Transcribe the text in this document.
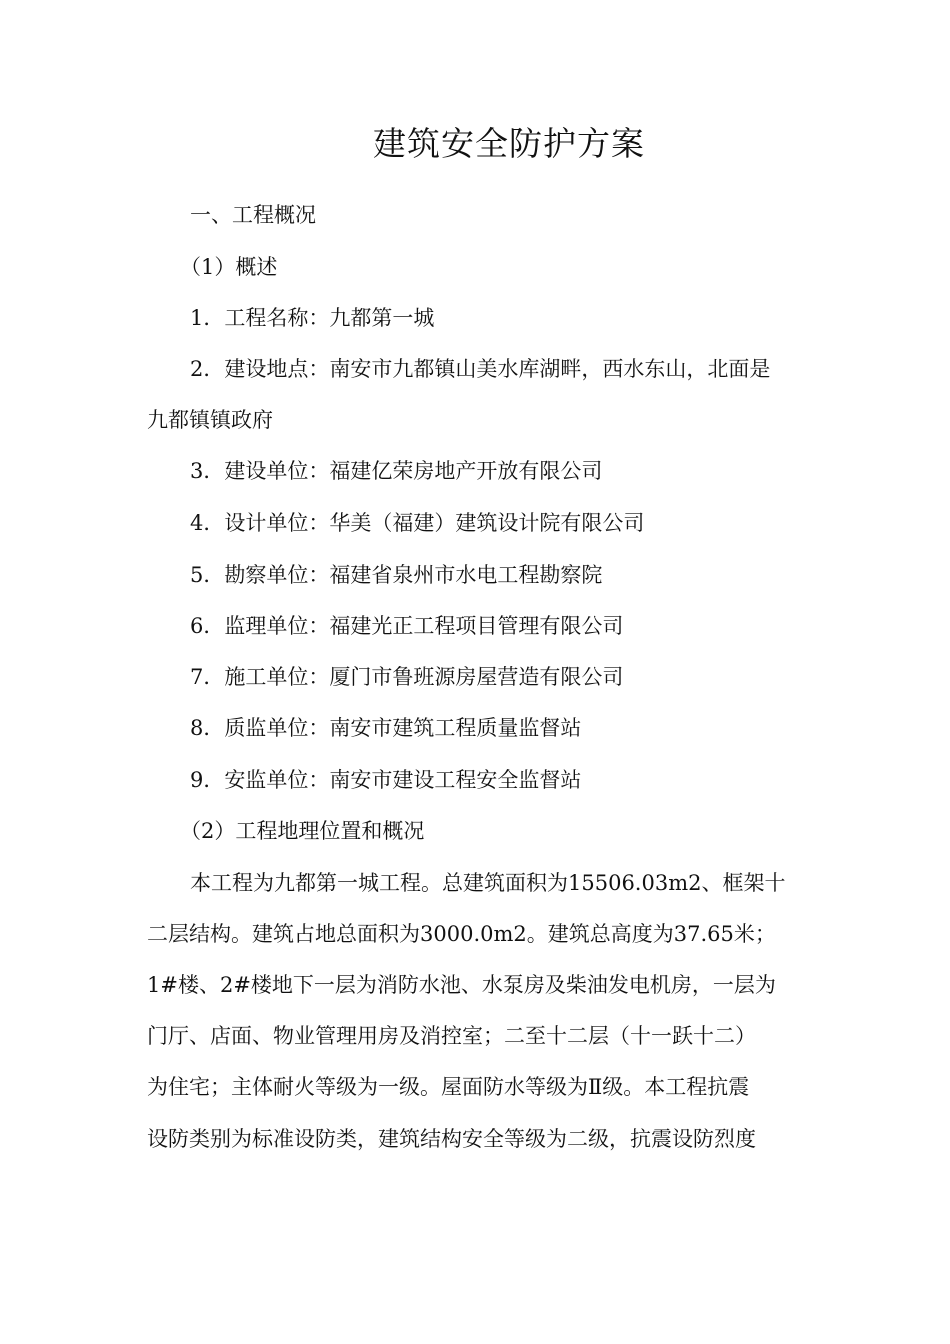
建筑安全防护方案
一、工程概况
（1）概述
1．工程名称：九都第一城
2．建设地点：南安市九都镇山美水库湖畔，西水东山，北面是
九都镇镇政府
3．建设单位：福建亿荣房地产开放有限公司
4．设计单位：华美（福建）建筑设计院有限公司
5．勘察单位：福建省泉州市水电工程勘察院
6．监理单位：福建光正工程项目管理有限公司
7．施工单位：厦门市鲁班源房屋营造有限公司
8．质监单位：南安市建筑工程质量监督站
9．安监单位：南安市建设工程安全监督站
（2）工程地理位置和概况
本工程为九都第一城工程。总建筑面积为15506.03m2、框架十
二层结构。建筑占地总面积为3000.0m2。建筑总高度为37.65米；
1#楼、2#楼地下一层为消防水池、水泵房及柴油发电机房，一层为
门厅、店面、物业管理用房及消控室；二至十二层（十一跃十二）
为住宅；主体耐火等级为一级。屋面防水等级为Ⅱ级。本工程抗震
设防类别为标准设防类，建筑结构安全等级为二级，抗震设防烈度
